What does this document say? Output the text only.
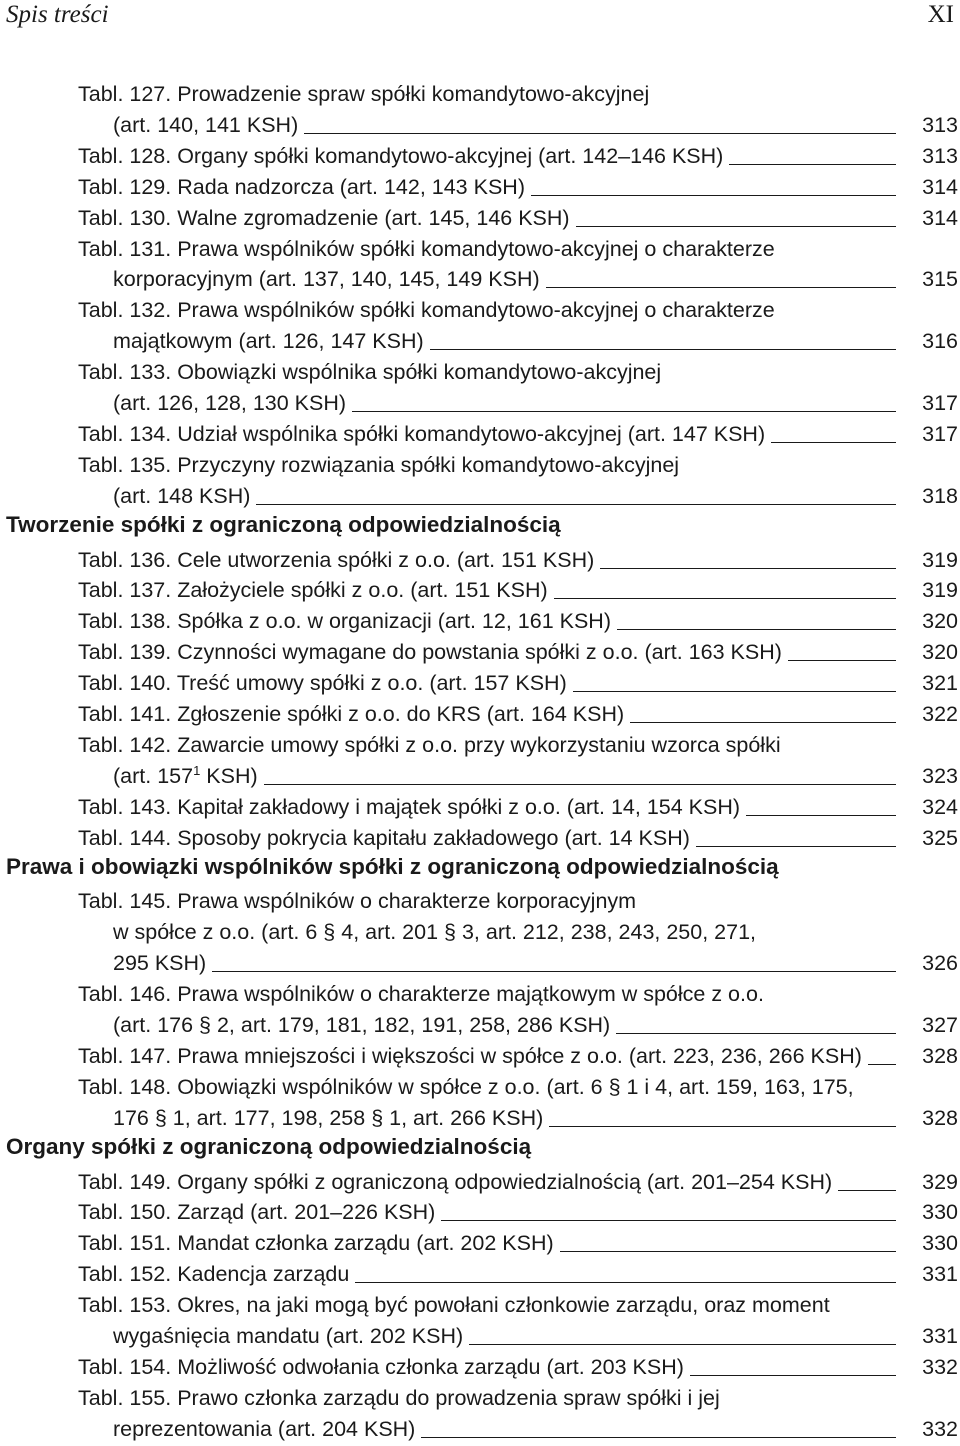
Spis treści	XI
Tabl. 127. Prowadzenie spraw spółki komandytowo-akcyjnej
(art. 140, 141 KSH)	313
Tabl. 128. Organy spółki komandytowo-akcyjnej (art. 142–146 KSH)	313
Tabl. 129. Rada nadzorcza (art. 142, 143 KSH)	314
Tabl. 130. Walne zgromadzenie (art. 145, 146 KSH)	314
Tabl. 131. Prawa wspólników spółki komandytowo-akcyjnej o charakterze
korporacyjnym (art. 137, 140, 145, 149 KSH)	315
Tabl. 132. Prawa wspólników spółki komandytowo-akcyjnej o charakterze
majątkowym (art. 126, 147 KSH)	316
Tabl. 133. Obowiązki wspólnika spółki komandytowo-akcyjnej
(art. 126, 128, 130 KSH)	317
Tabl. 134. Udział wspólnika spółki komandytowo-akcyjnej (art. 147 KSH)	317
Tabl. 135. Przyczyny rozwiązania spółki komandytowo-akcyjnej
(art. 148 KSH)	318
Tworzenie spółki z ograniczoną odpowiedzialnością
Tabl. 136. Cele utworzenia spółki z o.o. (art. 151 KSH)	319
Tabl. 137. Założyciele spółki z o.o. (art. 151 KSH)	319
Tabl. 138. Spółka z o.o. w organizacji (art. 12, 161 KSH)	320
Tabl. 139. Czynności wymagane do powstania spółki z o.o. (art. 163 KSH)	320
Tabl. 140. Treść umowy spółki z o.o. (art. 157 KSH)	321
Tabl. 141. Zgłoszenie spółki z o.o. do KRS (art. 164 KSH)	322
Tabl. 142. Zawarcie umowy spółki z o.o. przy wykorzystaniu wzorca spółki
(art. $157^1$ KSH)	323
Tabl. 143. Kapitał zakładowy i majątek spółki z o.o. (art. 14, 154 KSH)	324
Tabl. 144. Sposoby pokrycia kapitału zakładowego (art. 14 KSH)	325
Prawa i obowiązki wspólników spółki z ograniczoną odpowiedzialnością
Tabl. 145. Prawa wspólników o charakterze korporacyjnym
w spółce z o.o. (art. 6 § 4, art. 201 § 3, art. 212, 238, 243, 250, 271,
295 KSH)	326
Tabl. 146. Prawa wspólników o charakterze majątkowym w spółce z o.o.
(art. 176 § 2, art. 179, 181, 182, 191, 258, 286 KSH)	327
Tabl. 147. Prawa mniejszości i większości w spółce z o.o. (art. 223, 236, 266 KSH)	328
Tabl. 148. Obowiązki wspólników w spółce z o.o. (art. 6 § 1 i 4, art. 159, 163, 175,
176 § 1, art. 177, 198, 258 § 1, art. 266 KSH)	328
Organy spółki z ograniczoną odpowiedzialnością
Tabl. 149. Organy spółki z ograniczoną odpowiedzialnością (art. 201–254 KSH)	329
Tabl. 150. Zarząd (art. 201–226 KSH)	330
Tabl. 151. Mandat członka zarządu (art. 202 KSH)	330
Tabl. 152. Kadencja zarządu	331
Tabl. 153. Okres, na jaki mogą być powołani członkowie zarządu, oraz moment
wygaśnięcia mandatu (art. 202 KSH)	331
Tabl. 154. Możliwość odwołania członka zarządu (art. 203 KSH)	332
Tabl. 155. Prawo członka zarządu do prowadzenia spraw spółki i jej
reprezentowania (art. 204 KSH)	332
